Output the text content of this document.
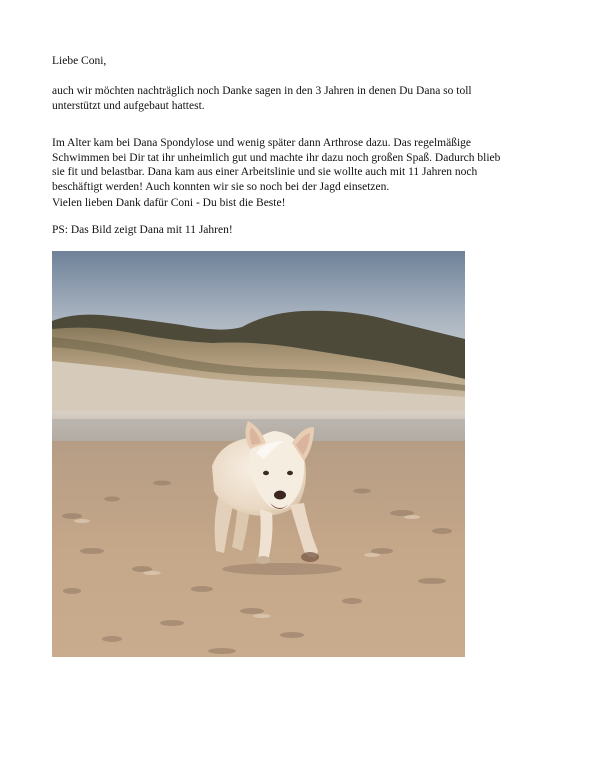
Liebe Coni,

auch wir möchten nachträglich noch Danke sagen in den 3 Jahren in denen Du Dana so toll
unterstützt und aufgebaut hattest.

Im Alter kam bei Dana Spondylose und wenig später dann Arthrose dazu. Das regelmäßige
Schwimmen bei Dir tat ihr unheimlich gut und machte ihr dazu noch großen Spaß. Dadurch blieb
sie fit und belastbar. Dana kam aus einer Arbeitslinie und sie wollte auch mit 11 Jahren noch
beschäftigt werden! Auch konnten wir sie so noch bei der Jagd einsetzen.

Vielen lieben Dank dafür Coni - Du bist die Beste!

PS: Das Bild zeigt Dana mit 11 Jahren!
